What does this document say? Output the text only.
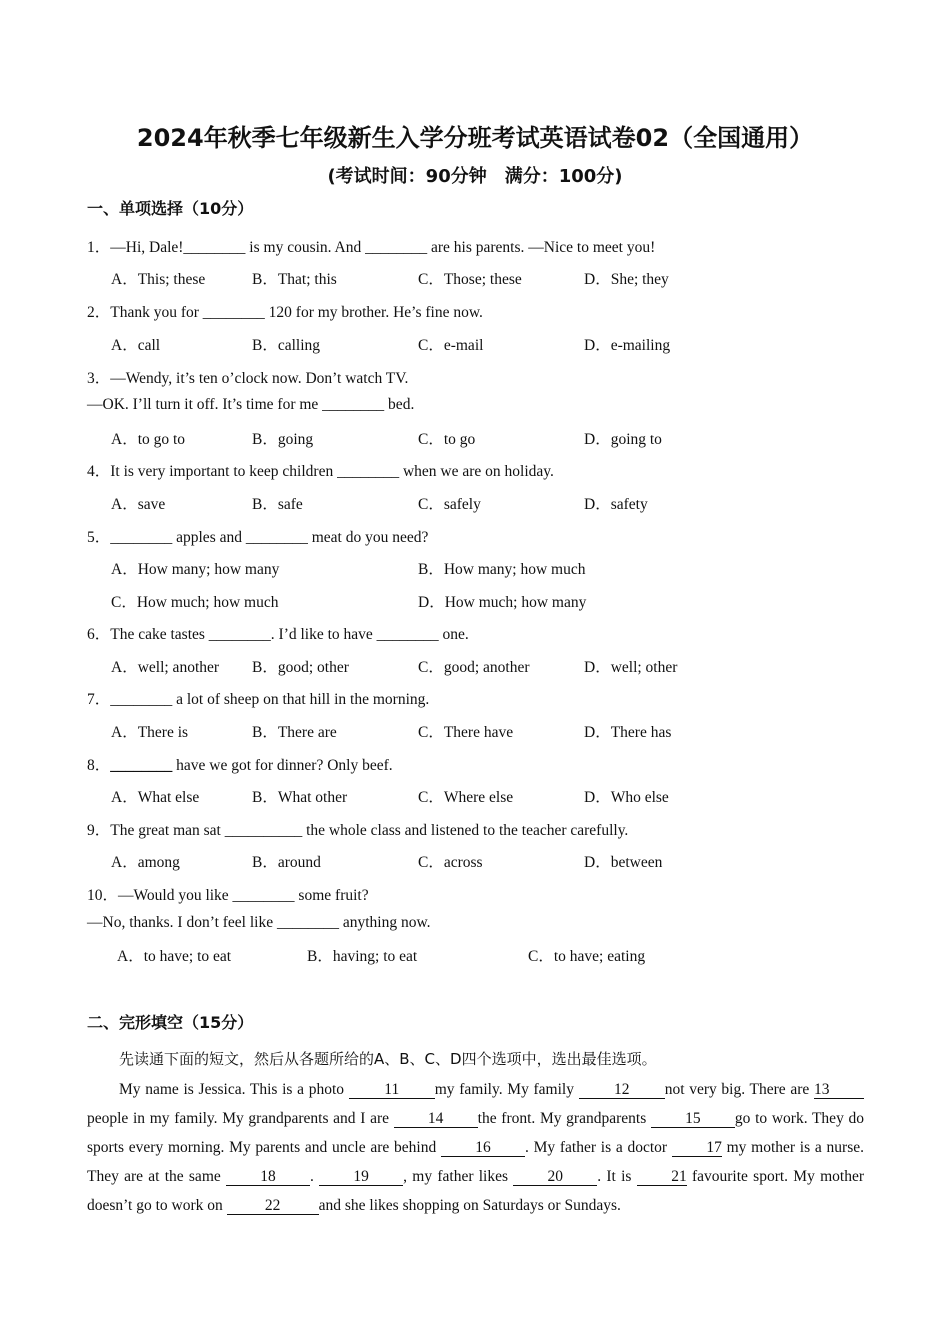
2024年秋季七年级新生入学分班考试英语试卷02（全国通用）
(考试时间：90分钟　满分：100分)
一、单项选择（10分）
1．—Hi, Dale!________ is my cousin. And ________ are his parents. —Nice to meet you!
A．This; these	B．That; this	C．Those; these	D．She; they
2．Thank you for ________ 120 for my brother. He’s fine now.
A．call	B．calling	C．e-mail	D．e-mailing
3．—Wendy, it’s ten o’clock now. Don’t watch TV.
—OK. I’ll turn it off. It’s time for me ________ bed.
A．to go to	B．going	C．to go	D．going to
4．It is very important to keep children ________ when we are on holiday.
A．save	B．safe	C．safely	D．safety
5．________ apples and ________ meat do you need?
A．How many; how many	B．How many; how much
C．How much; how much	D．How much; how many
6．The cake tastes ________. I’d like to have ________ one.
A．well; another B．good; other	C．good; another	D．well; other
7．________ a lot of sheep on that hill in the morning.
A．There is	B．There are	C．There have	D．There has
8．________ have we got for dinner? Only beef.
A．What else	B．What other	C．Where else	D．Who else
9．The great man sat __________ the whole class and listened to the teacher carefully.
A．among	B．around	C．across	D．between
10．—Would you like ________ some fruit?
—No, thanks. I don’t feel like ________ anything now.
A．to have; to eat	B．having; to eat	C．to have; eating
二、完形填空（15分）
先读通下面的短文，然后从各题所给的A、B、C、D四个选项中，选出最佳选项。
My name is Jessica. This is a photo 11 my family. My family 12 not very big. There are 13people in my family. My grandparents and I are 14 the front. My grandparents 15 go to work. They do sports every morning. My parents and uncle are behind 16 . My father is a doctor 17 my mother is a nurse. They are at the same 18 . 19 , my father likes 20 . It is 21 favourite sport. My mother doesn’t go to work on 22 and she likes shopping on Saturdays or Sundays.
